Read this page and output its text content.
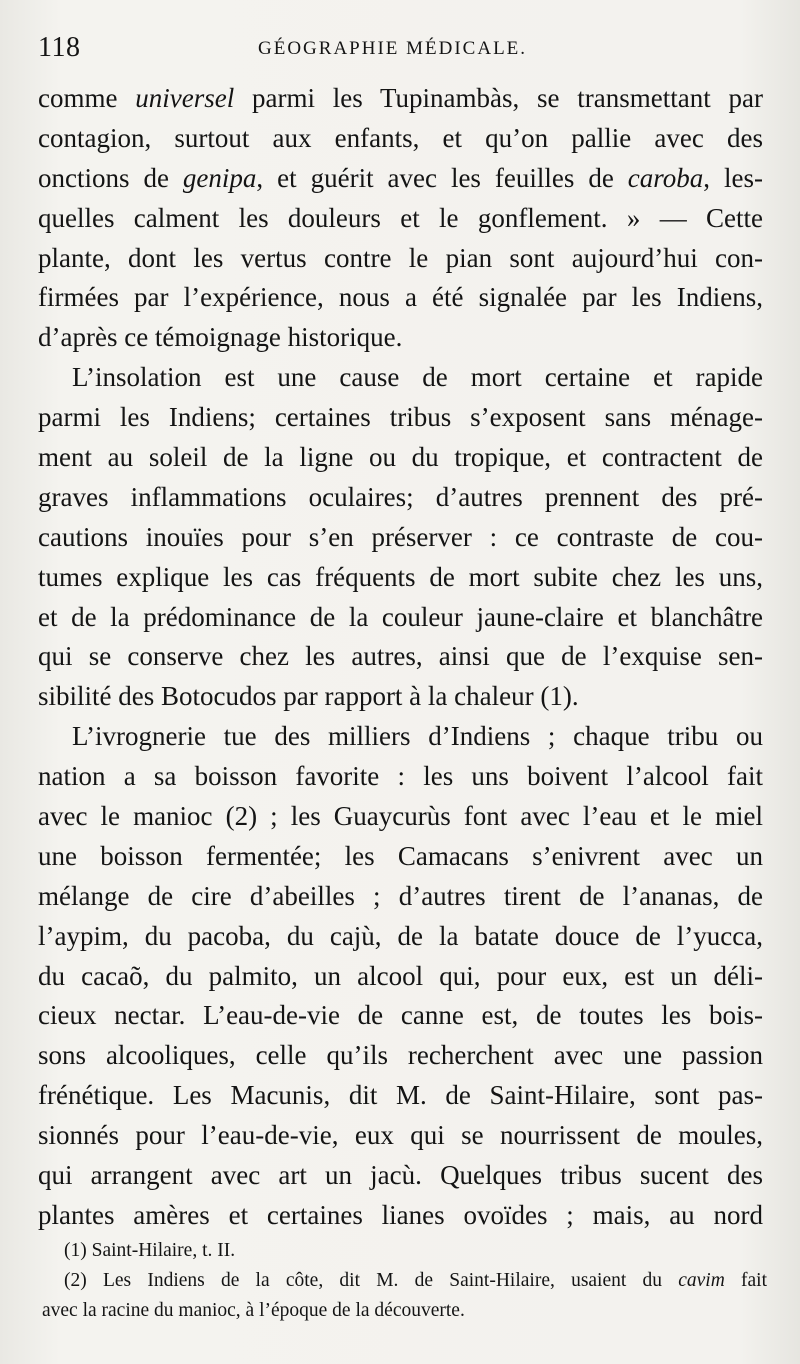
118	GÉOGRAPHIE MÉDICALE.
comme universel parmi les Tupinambàs, se transmettant par
contagion, surtout aux enfants, et qu’on pallie avec des
onctions de genipa, et guérit avec les feuilles de caroba, les-
quelles calment les douleurs et le gonflement. » — Cette
plante, dont les vertus contre le pian sont aujourd’hui con-
firmées par l’expérience, nous a été signalée par les Indiens,
d’après ce témoignage historique.
L’insolation est une cause de mort certaine et rapide
parmi les Indiens; certaines tribus s’exposent sans ménage-
ment au soleil de la ligne ou du tropique, et contractent de
graves inflammations oculaires; d’autres prennent des pré-
cautions inouïes pour s’en préserver : ce contraste de cou-
tumes explique les cas fréquents de mort subite chez les uns,
et de la prédominance de la couleur jaune-claire et blanchâtre
qui se conserve chez les autres, ainsi que de l’exquise sen-
sibilité des Botocudos par rapport à la chaleur (1).
L’ivrognerie tue des milliers d’Indiens ; chaque tribu ou
nation a sa boisson favorite : les uns boivent l’alcool fait
avec le manioc (2) ; les Guaycurùs font avec l’eau et le miel
une boisson fermentée; les Camacans s’enivrent avec un
mélange de cire d’abeilles ; d’autres tirent de l’ananas, de
l’aypim, du pacoba, du cajù, de la batate douce de l’yucca,
du cacaõ, du palmito, un alcool qui, pour eux, est un déli-
cieux nectar. L’eau-de-vie de canne est, de toutes les bois-
sons alcooliques, celle qu’ils recherchent avec une passion
frénétique. Les Macunis, dit M. de Saint-Hilaire, sont pas-
sionnés pour l’eau-de-vie, eux qui se nourrissent de moules,
qui arrangent avec art un jacù. Quelques tribus sucent des
plantes amères et certaines lianes ovoïdes ; mais, au nord
(1) Saint-Hilaire, t. II.
(2) Les Indiens de la côte, dit M. de Saint-Hilaire, usaient du cavim fait
avec la racine du manioc, à l’époque de la découverte.
